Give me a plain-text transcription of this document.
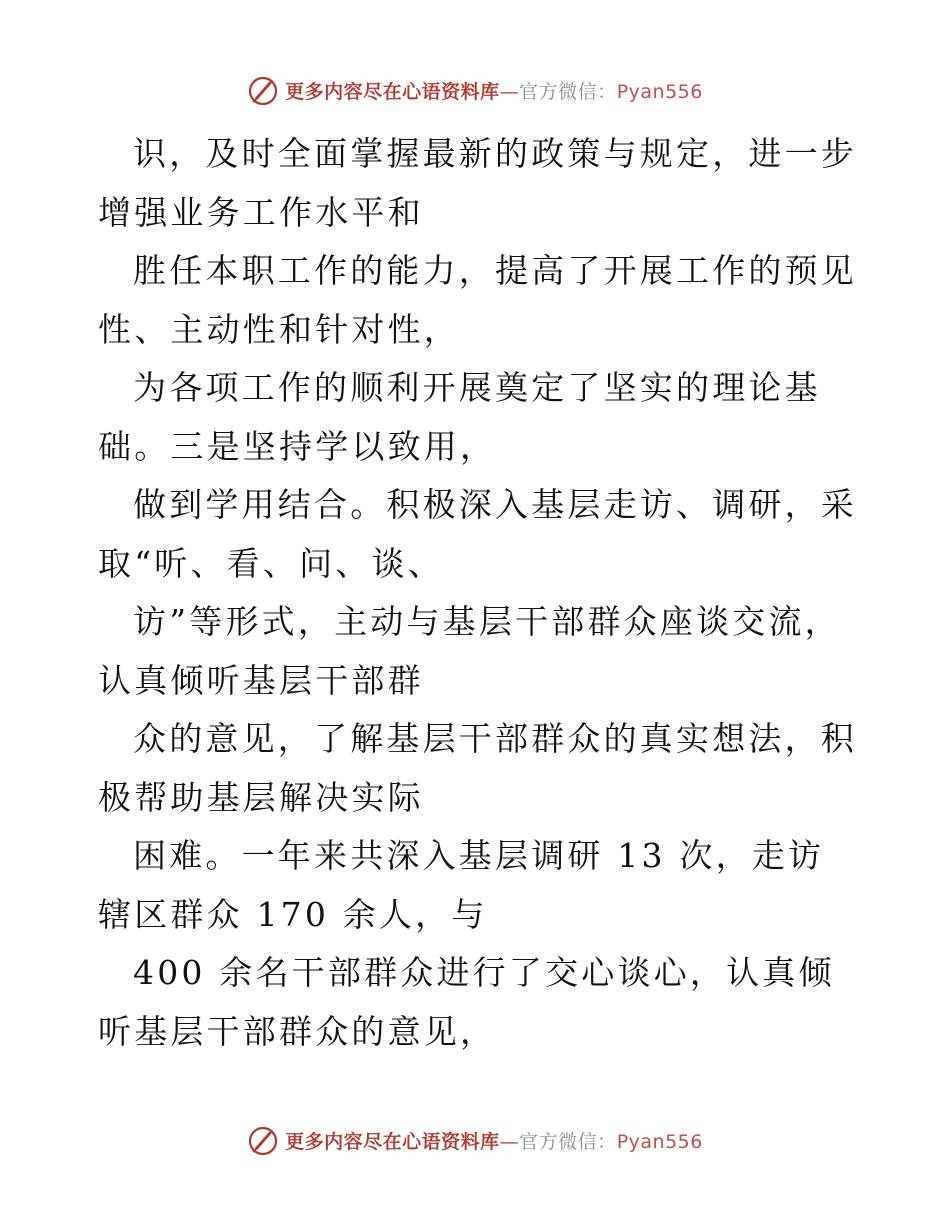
更多内容尽在心语资料库—官方微信：Pyan556

识，及时全面掌握最新的政策与规定，进一步增强业务工作水平和

胜任本职工作的能力，提高了开展工作的预见性、主动性和针对性，

为各项工作的顺利开展奠定了坚实的理论基础。三是坚持学以致用，

做到学用结合。积极深入基层走访、调研，采取“听、看、问、谈、

访”等形式，主动与基层干部群众座谈交流，认真倾听基层干部群

众的意见，了解基层干部群众的真实想法，积极帮助基层解决实际

困难。一年来共深入基层调研 13 次，走访辖区群众 170 余人，与

400 余名干部群众进行了交心谈心，认真倾听基层干部群众的意见，

更多内容尽在心语资料库—官方微信：Pyan556
